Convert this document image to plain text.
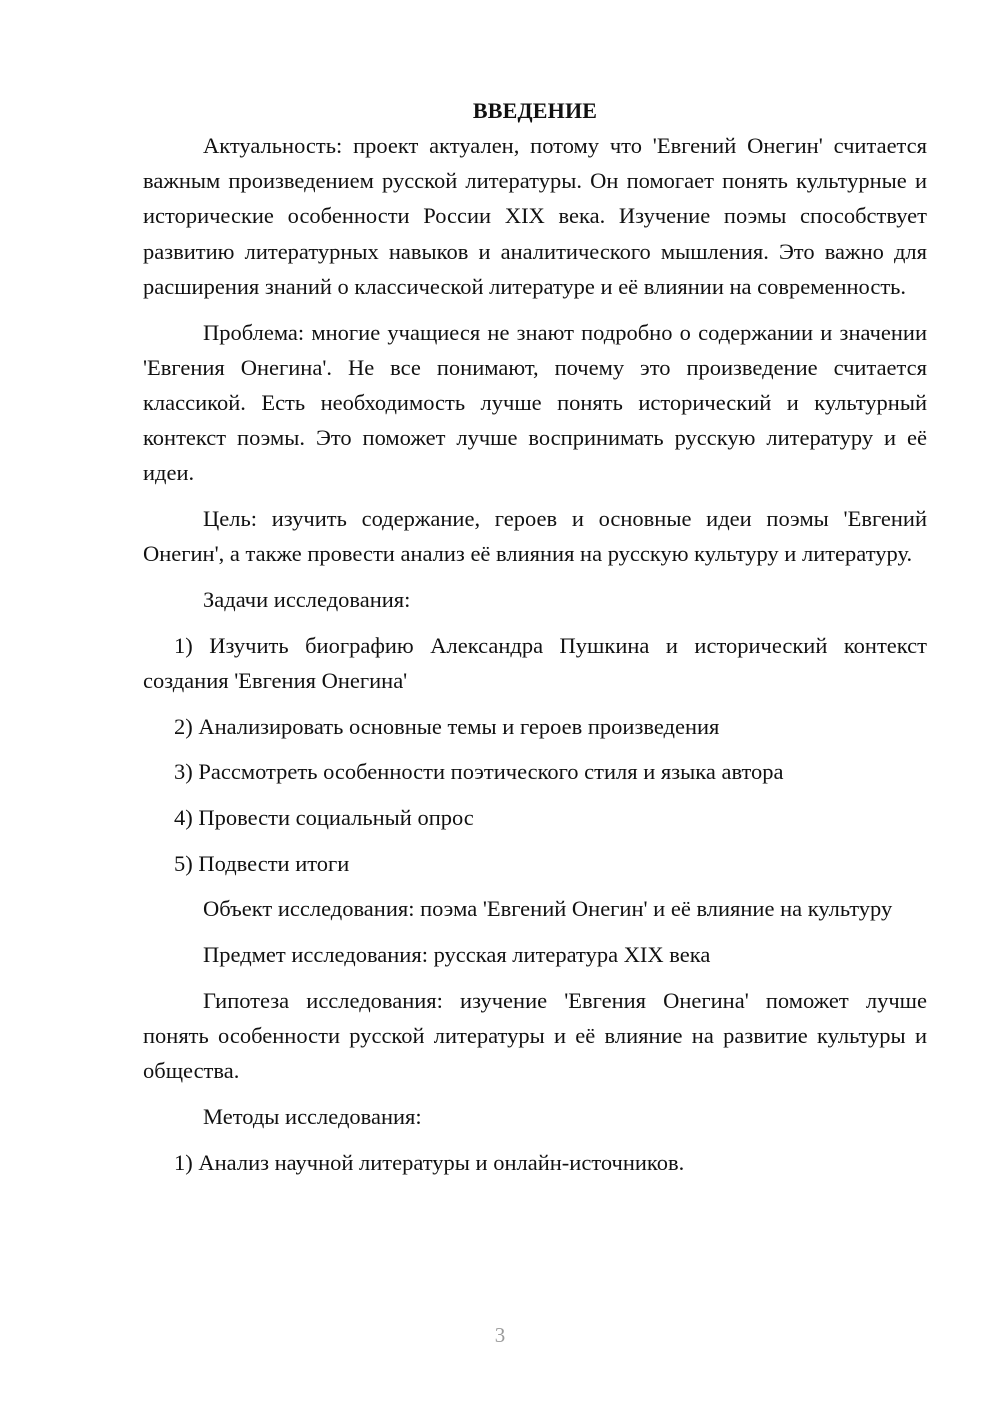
ВВЕДЕНИЕ

Актуальность: проект актуален, потому что 'Евгений Онегин' считается важным произведением русской литературы. Он помогает понять культурные и исторические особенности России XIX века. Изучение поэмы способствует развитию литературных навыков и аналитического мышления. Это важно для расширения знаний о классической литературе и её влиянии на современность.

Проблема: многие учащиеся не знают подробно о содержании и значении 'Евгения Онегина'. Не все понимают, почему это произведение считается классикой. Есть необходимость лучше понять исторический и культурный контекст поэмы. Это поможет лучше воспринимать русскую литературу и её идеи.

Цель: изучить содержание, героев и основные идеи поэмы 'Евгений Онегин', а также провести анализ её влияния на русскую культуру и литературу.

Задачи исследования:

1) Изучить биографию Александра Пушкина и исторический контекст создания 'Евгения Онегина'

2) Анализировать основные темы и героев произведения

3) Рассмотреть особенности поэтического стиля и языка автора

4) Провести социальный опрос

5) Подвести итоги

Объект исследования: поэма 'Евгений Онегин' и её влияние на культуру

Предмет исследования: русская литература XIX века

Гипотеза исследования: изучение 'Евгения Онегина' поможет лучше понять особенности русской литературы и её влияние на развитие культуры и общества.

Методы исследования:

1) Анализ научной литературы и онлайн-источников.

3
